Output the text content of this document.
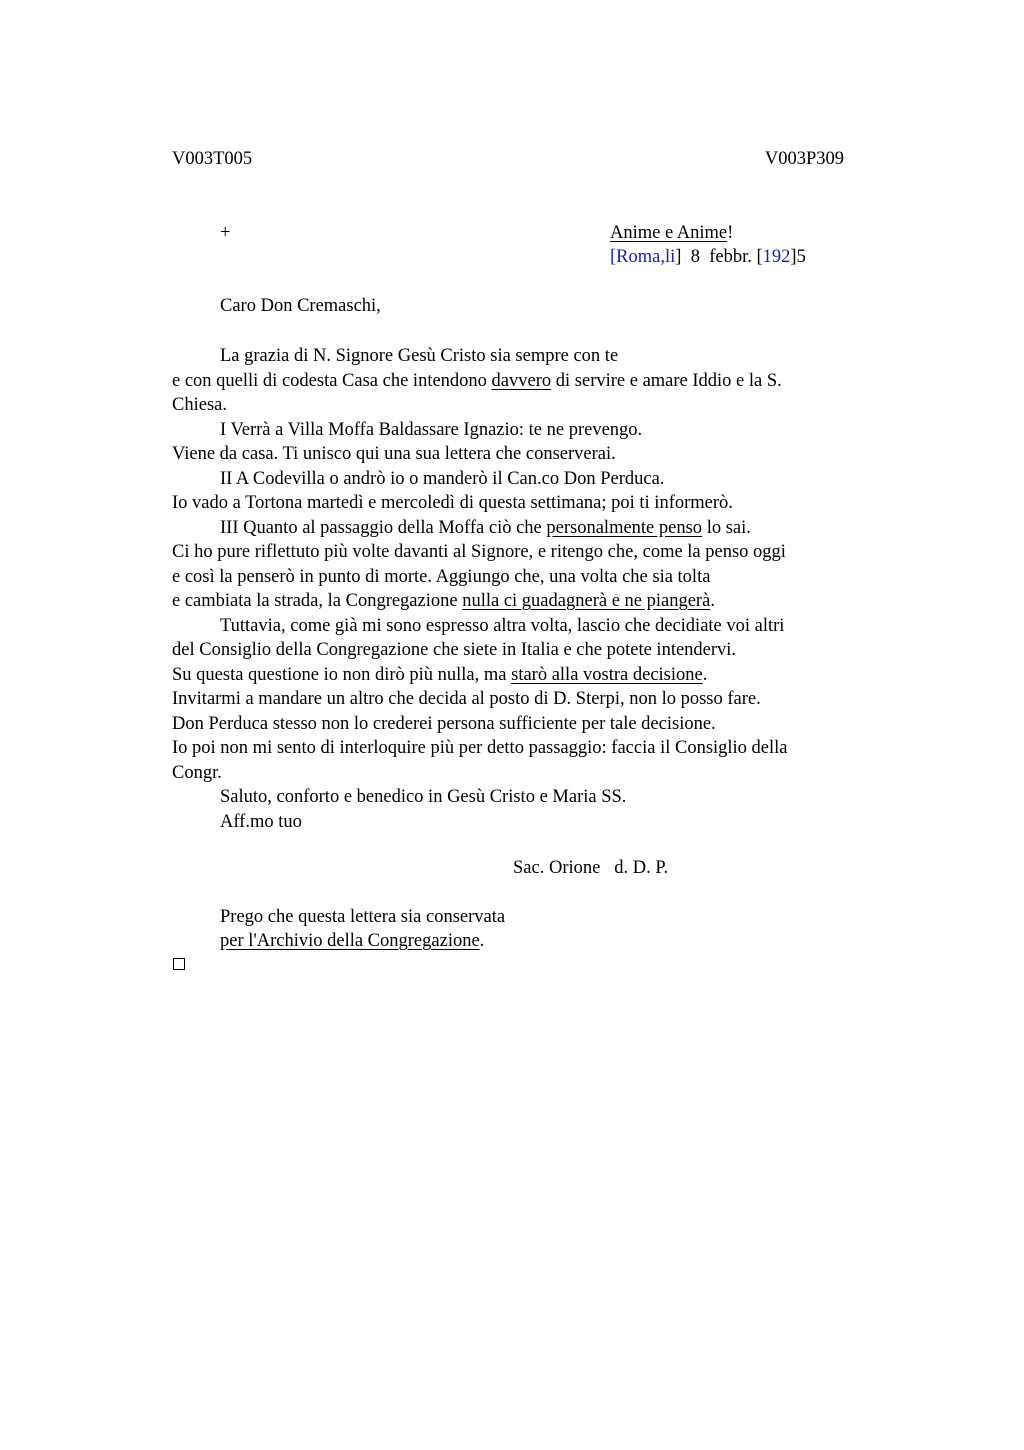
V003T005	V003P309
+	Anime e Anime!
[Roma,li]  8  febbr. [192]5
Caro Don Cremaschi,
La grazia di N. Signore Gesù Cristo sia sempre con te
e con quelli di codesta Casa che intendono davvero di servire e amare Iddio e la S.
Chiesa.
I Verrà a Villa Moffa Baldassare Ignazio: te ne prevengo.
Viene da casa. Ti unisco qui una sua lettera che conserverai.
II A Codevilla o andrò io o manderò il Can.co Don Perduca.
Io vado a Tortona martedì e mercoledì di questa settimana; poi ti informerò.
III Quanto al passaggio della Moffa ciò che personalmente penso lo sai.
Ci ho pure riflettuto più volte davanti al Signore, e ritengo che, come la penso oggi
e così la penserò in punto di morte. Aggiungo che, una volta che sia tolta
e cambiata la strada, la Congregazione nulla ci guadagnerà e ne piangerà.
Tuttavia, come già mi sono espresso altra volta, lascio che decidiate voi altri
del Consiglio della Congregazione che siete in Italia e che potete intendervi.
Su questa questione io non dirò più nulla, ma starò alla vostra decisione.
Invitarmi a mandare un altro che decida al posto di D. Sterpi, non lo posso fare.
Don Perduca stesso non lo crederei persona sufficiente per tale decisione.
Io poi non mi sento di interloquire più per detto passaggio: faccia il Consiglio della
Congr.
Saluto, conforto e benedico in Gesù Cristo e Maria SS.
Aff.mo tuo
Sac. Orione   d. D. P.
Prego che questa lettera sia conservata
per l'Archivio della Congregazione.
